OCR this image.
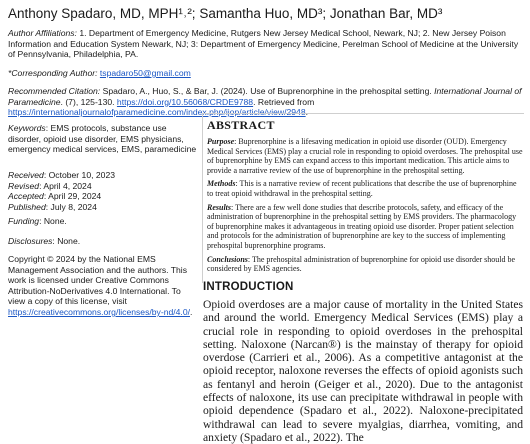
Anthony Spadaro, MD, MPH¹˒²; Samantha Huo, MD³; Jonathan Bar, MD³
Author Affiliations: 1. Department of Emergency Medicine, Rutgers New Jersey Medical School, Newark, NJ; 2. New Jersey Poison Information and Education System Newark, NJ; 3: Department of Emergency Medicine, Perelman School of Medicine at the University of Pennsylvania, Philadelphia, PA.
*Corresponding Author: tspadaro50@gmail.com
Recommended Citation: Spadaro, A., Huo, S., & Bar, J. (2024). Use of Buprenorphine in the prehospital setting. International Journal of Paramedicine. (7), 125-130. https://doi.org/10.56068/CRDE9788. Retrieved from https://internationaljournalofparamedicine.com/index.php/ijop/article/view/2948.
Keywords: EMS protocols, substance use disorder, opioid use disorder, EMS physicians, emergency medical services, EMS, paramedicine
Received: October 10, 2023
Revised: April 4, 2024
Accepted: April 29, 2024
Published: July 8, 2024
Funding: None.
Disclosures: None.
Copyright © 2024 by the National EMS Management Association and the authors. This work is licensed under Creative Commons Attribution-NoDerivatives 4.0 International. To view a copy of this license, visit https://creativecommons.org/licenses/by-nd/4.0/.
ABSTRACT

Purpose: Buprenorphine is a lifesaving medication in opioid use disorder (OUD). Emergency Medical Services (EMS) play a crucial role in responding to opioid overdoses. The prehospital use of buprenorphine by EMS can expand access to this important medication. This article aims to provide a narrative review of the use of buprenorphine in the prehospital setting.

Methods: This is a narrative review of recent publications that describe the use of buprenorphine to treat opioid withdrawal in the prehospital setting.

Results: There are a few well done studies that describe protocols, safety, and efficacy of the administration of buprenorphine in the prehospital setting by EMS providers. The pharmacology of buprenorphine makes it advantageous in treating opioid use disorder. Proper patient selection and protocols for the administration of buprenorphine are key to the success of implementing prehospital buprenorphine programs.

Conclusions: The prehospital administration of buprenorphine for opioid use disorder should be considered by EMS agencies.

INTRODUCTION
Opioid overdoses are a major cause of mortality in the United States and around the world. Emergency Medical Services (EMS) play a crucial role in responding to opioid overdoses in the prehospital setting. Naloxone (Narcan®) is the mainstay of therapy for opioid overdose (Carrieri et al., 2006). As a competitive antagonist at the opioid receptor, naloxone reverses the effects of opioid agonists such as fentanyl and heroin (Geiger et al., 2020). Due to the antagonist effects of naloxone, its use can precipitate withdrawal in people with opioid dependence (Spadaro et al., 2022). Naloxone-precipitated withdrawal can lead to severe myalgias, diarrhea, vomiting, and anxiety (Spadaro et al., 2022). The
